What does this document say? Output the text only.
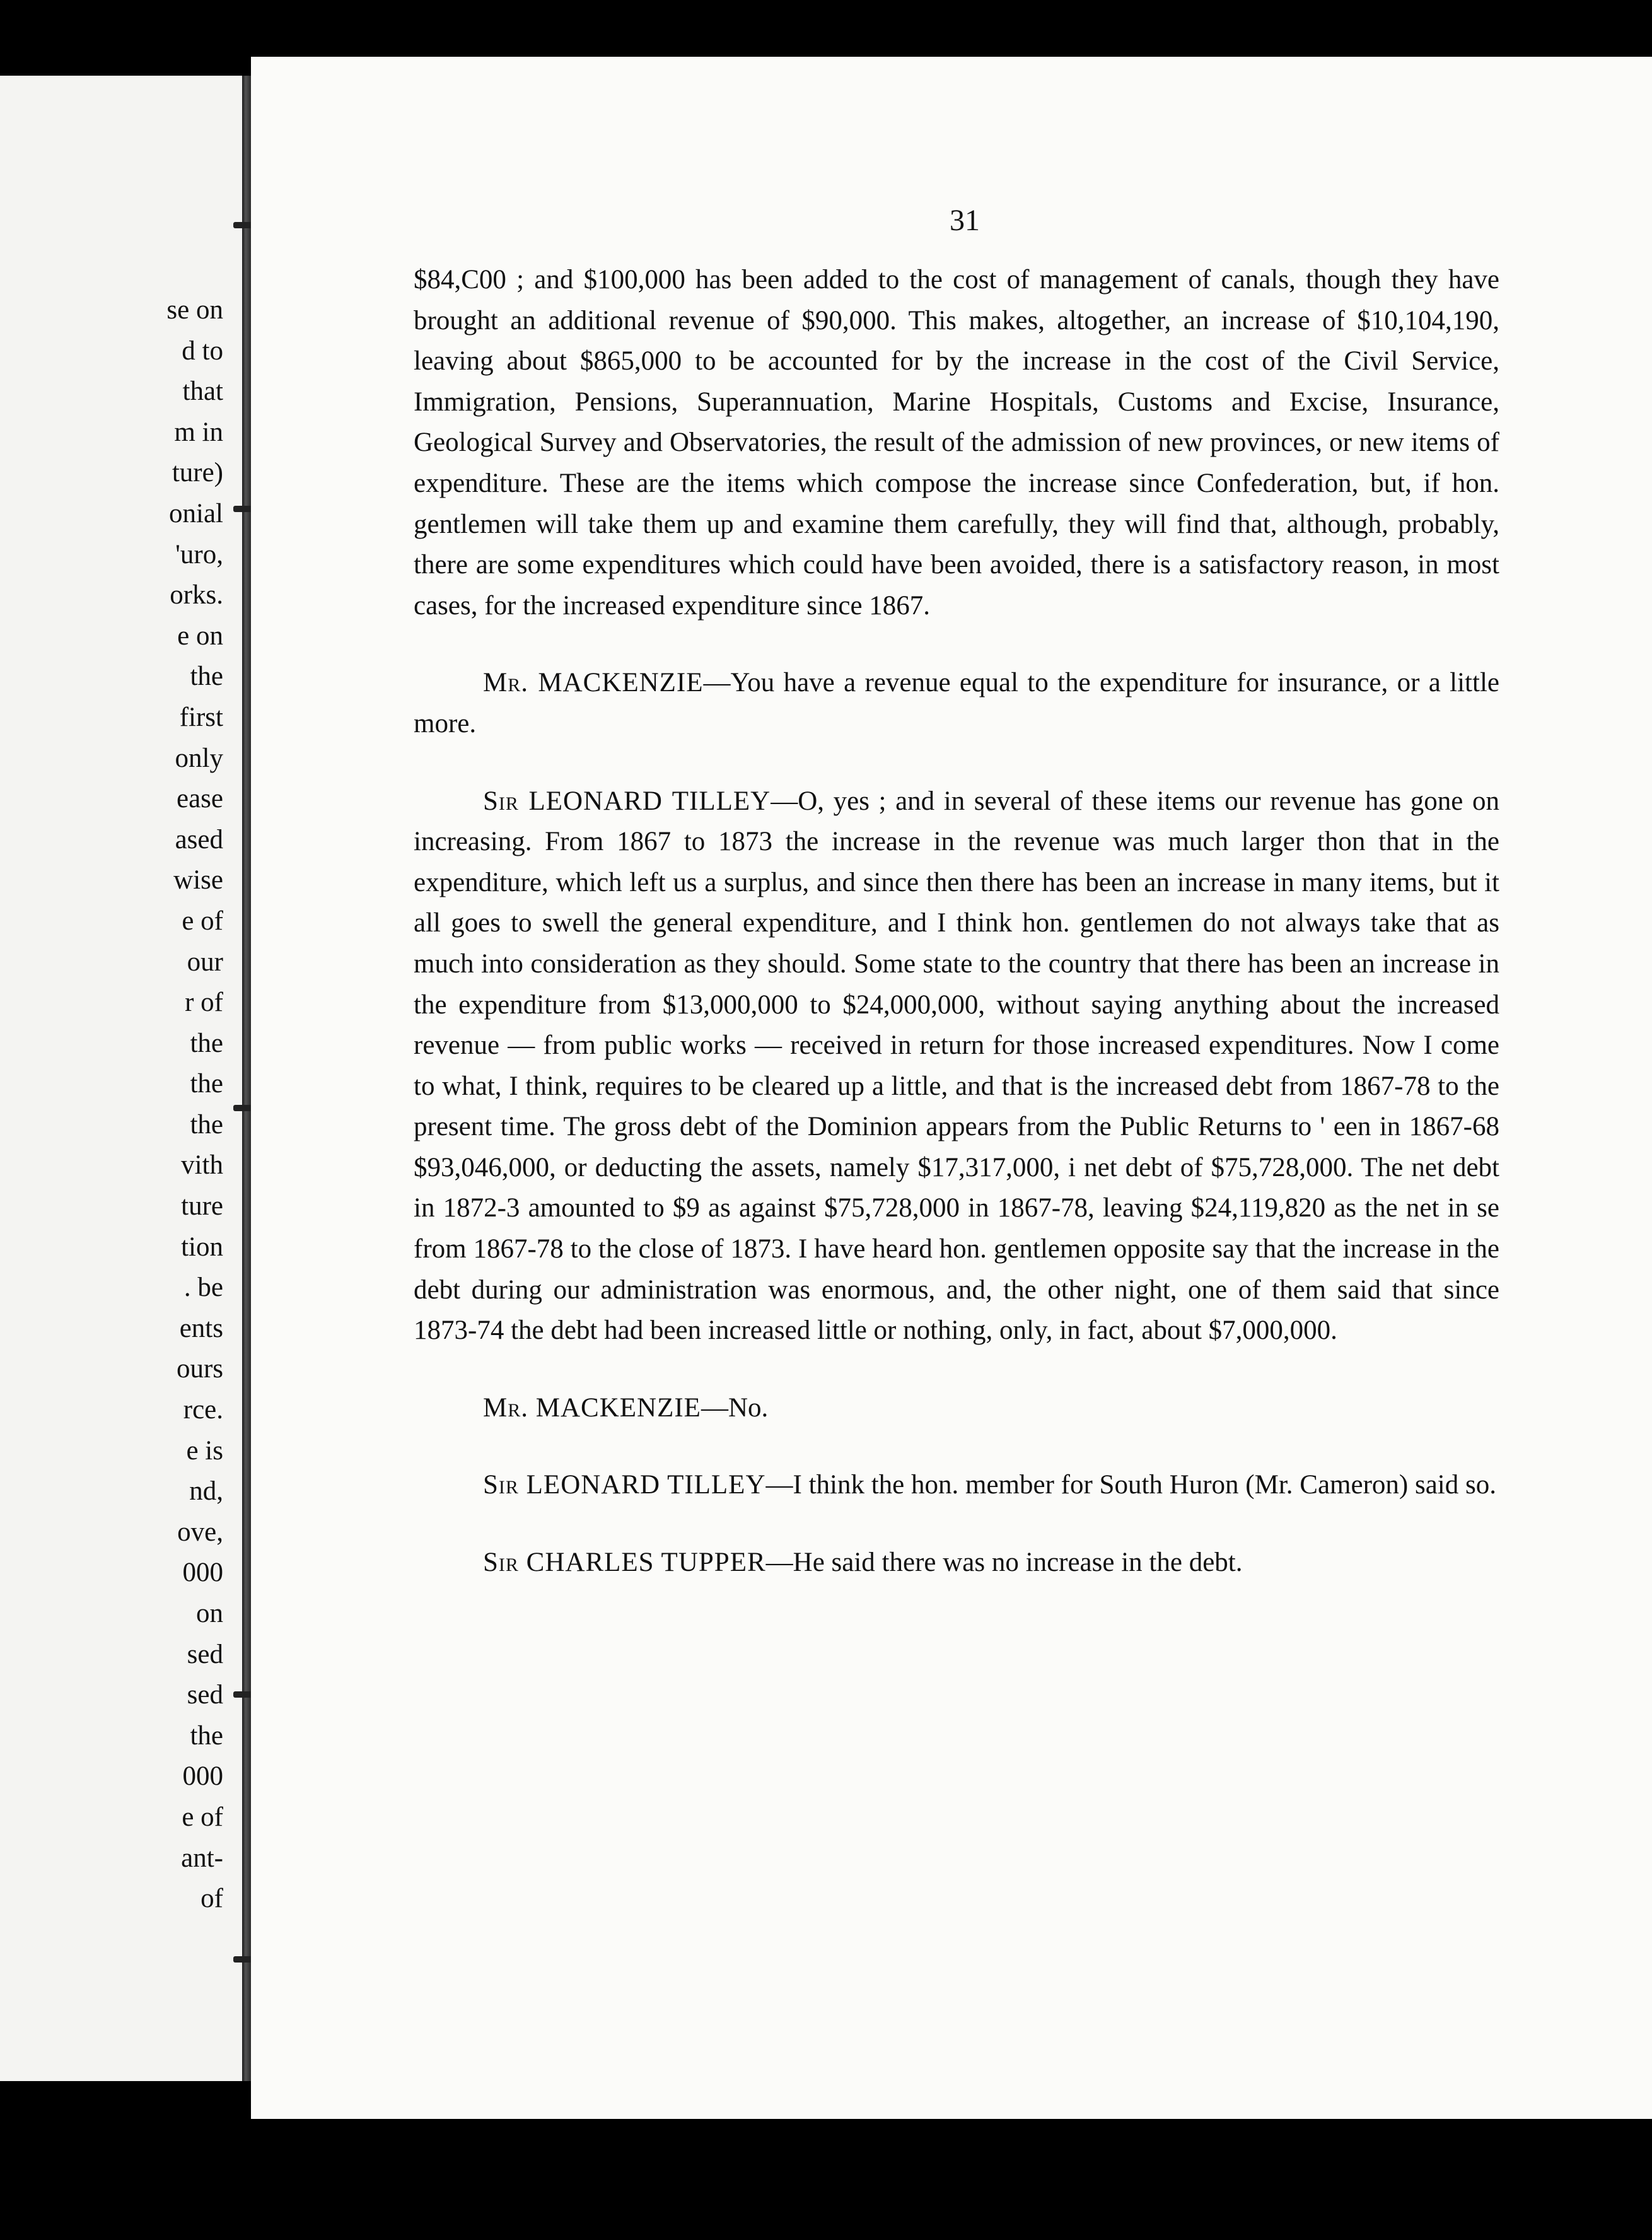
se on
d to
that
m in
ture)
onial
'uro,
orks.
e on
the
first
only
ease
ased
wise
e of
our
r of
the
the
the
vith
ture
tion
. be
ents
ours
rce.
e is
nd,
ove,
000
on
sed
sed
the
000
e of
ant-
of

31

$84,C00 ; and $100,000 has been added to the cost of management of canals, though they have brought an additional revenue of $90,000. This makes, altogether, an increase of $10,104,190, leaving about $865,000 to be accounted for by the increase in the cost of the Civil Service, Immigration, Pensions, Superannuation, Marine Hospitals, Customs and Excise, Insurance, Geological Survey and Observatories, the result of the admission of new provinces, or new items of expenditure. These are the items which compose the increase since Confederation, but, if hon. gentlemen will take them up and examine them carefully, they will find that, although, probably, there are some expenditures which could have been avoided, there is a satisfactory reason, in most cases, for the increased expenditure since 1867.

Mr. MACKENZIE—You have a revenue equal to the expenditure for insurance, or a little more.

Sir LEONARD TILLEY—O, yes ; and in several of these items our revenue has gone on increasing. From 1867 to 1873 the increase in the revenue was much larger thon that in the expenditure, which left us a surplus, and since then there has been an increase in many items, but it all goes to swell the general expenditure, and I think hon. gentlemen do not always take that as much into consideration as they should. Some state to the country that there has been an increase in the expenditure from $13,000,000 to $24,000,000, without saying anything about the increased revenue — from public works — received in return for those increased expenditures. Now I come to what, I think, requires to be cleared up a little, and that is the increased debt from 1867-78 to the present time. The gross debt of the Dominion appears from the Public Returns to ' een in 1867-68 $93,046,000, or deducting the assets, namely $17,317,000, i net debt of $75,728,000. The net debt in 1872-3 amounted to $9 as against $75,728,000 in 1867-78, leaving $24,119,820 as the net in se from 1867-78 to the close of 1873. I have heard hon. gentlemen opposite say that the increase in the debt during our administration was enormous, and, the other night, one of them said that since 1873-74 the debt had been increased little or nothing, only, in fact, about $7,000,000.

Mr. MACKENZIE—No.

Sir LEONARD TILLEY—I think the hon. member for South Huron (Mr. Cameron) said so.

Sir CHARLES TUPPER—He said there was no increase in the debt.
